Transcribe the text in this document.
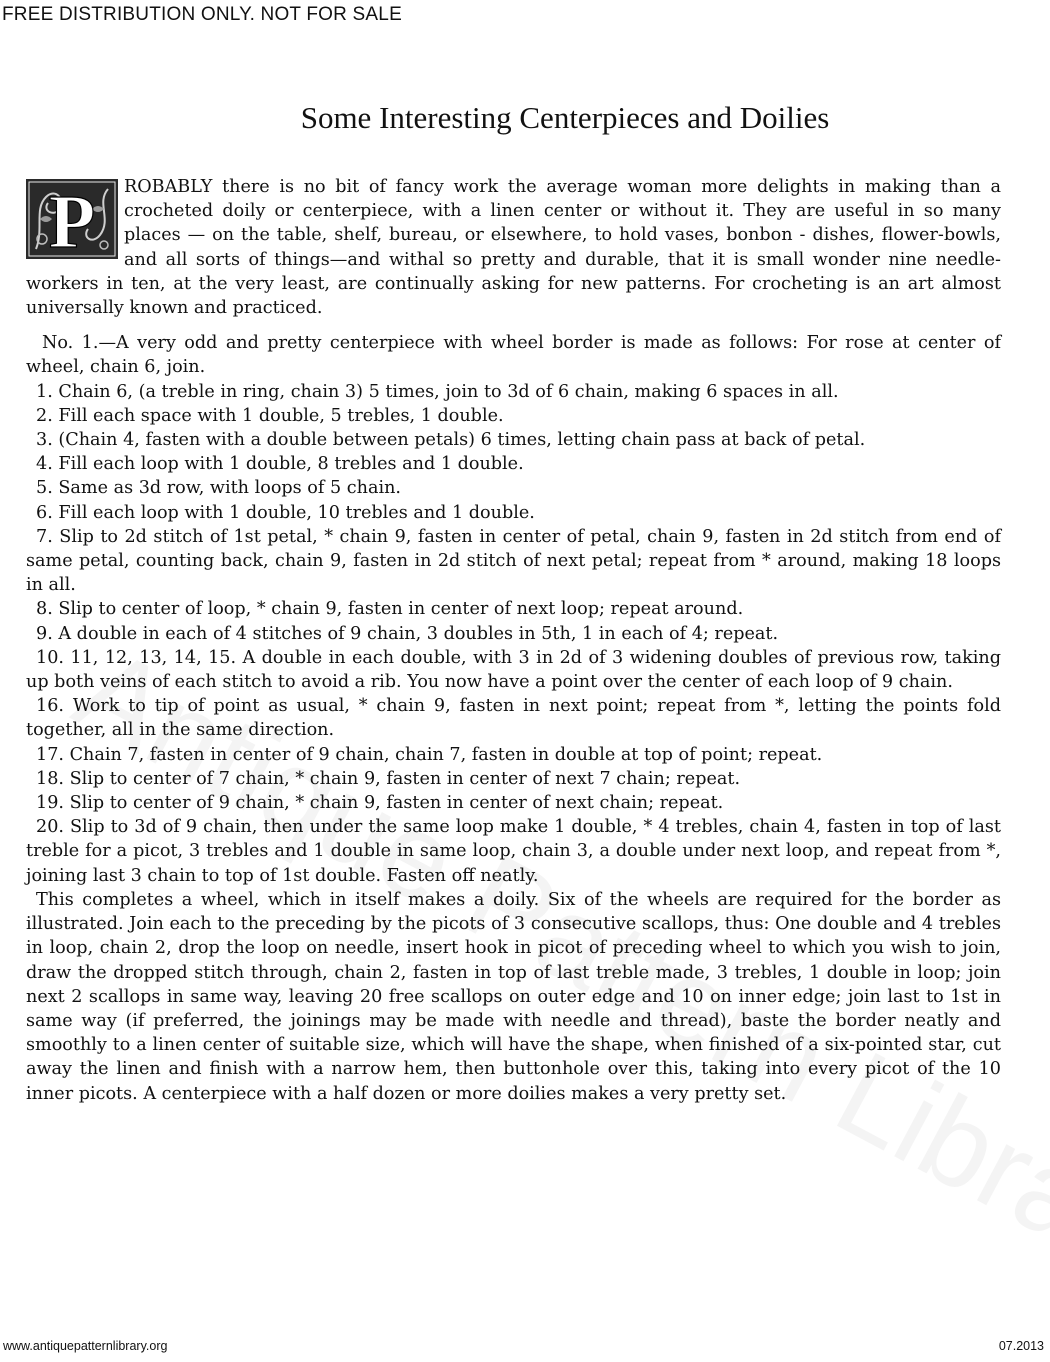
FREE DISTRIBUTION ONLY. NOT FOR SALE
Some Interesting Centerpieces and Doilies

P ROBABLY there is no bit of fancy work the average woman more delights in making than a crocheted doily or centerpiece, with a linen center or without it. They are useful in so many places — on the table, shelf, bureau, or elsewhere, to hold vases, bonbon - dishes, flower-bowls, and all sorts of things—and withal so pretty and durable, that it is small wonder nine needle-workers in ten, at the very least, are continually asking for new patterns. For crocheting is an art almost universally known and practiced.

No. 1.—A very odd and pretty centerpiece with wheel border is made as follows: For rose at center of wheel, chain 6, join.

1. Chain 6, (a treble in ring, chain 3) 5 times, join to 3d of 6 chain, making 6 spaces in all.

2. Fill each space with 1 double, 5 trebles, 1 double.

3. (Chain 4, fasten with a double between petals) 6 times, letting chain pass at back of petal.

4. Fill each loop with 1 double, 8 trebles and 1 double.

5. Same as 3d row, with loops of 5 chain.

6. Fill each loop with 1 double, 10 trebles and 1 double.

7. Slip to 2d stitch of 1st petal, * chain 9, fasten in center of petal, chain 9, fasten in 2d stitch from end of same petal, counting back, chain 9, fasten in 2d stitch of next petal; repeat from * around, making 18 loops in all.

8. Slip to center of loop, * chain 9, fasten in center of next loop; repeat around.

9. A double in each of 4 stitches of 9 chain, 3 doubles in 5th, 1 in each of 4; repeat.

10. 11, 12, 13, 14, 15. A double in each double, with 3 in 2d of 3 widening doubles of previous row, taking up both veins of each stitch to avoid a rib. You now have a point over the center of each loop of 9 chain.

16. Work to tip of point as usual, * chain 9, fasten in next point; repeat from *, letting the points fold together, all in the same direction.

17. Chain 7, fasten in center of 9 chain, chain 7, fasten in double at top of point; repeat.

18. Slip to center of 7 chain, * chain 9, fasten in center of next 7 chain; repeat.

19. Slip to center of 9 chain, * chain 9, fasten in center of next chain; repeat.

20. Slip to 3d of 9 chain, then under the same loop make 1 double, * 4 trebles, chain 4, fasten in top of last treble for a picot, 3 trebles and 1 double in same loop, chain 3, a double under next loop, and repeat from *, joining last 3 chain to top of 1st double. Fasten off neatly.

This completes a wheel, which in itself makes a doily. Six of the wheels are required for the border as illustrated. Join each to the preceding by the picots of 3 consecutive scallops, thus: One double and 4 trebles in loop, chain 2, drop the loop on needle, insert hook in picot of preceding wheel to which you wish to join, draw the dropped stitch through, chain 2, fasten in top of last treble made, 3 trebles, 1 double in loop; join next 2 scallops in same way, leaving 20 free scallops on outer edge and 10 on inner edge; join last to 1st in same way (if preferred, the joinings may be made with needle and thread), baste the border neatly and smoothly to a linen center of suitable size, which will have the shape, when finished of a six-pointed star, cut away the linen and finish with a narrow hem, then buttonhole over this, taking into every picot of the 10 inner picots. A centerpiece with a half dozen or more doilies makes a very pretty set.

www.antiquepatternlibrary.org	07.2013
